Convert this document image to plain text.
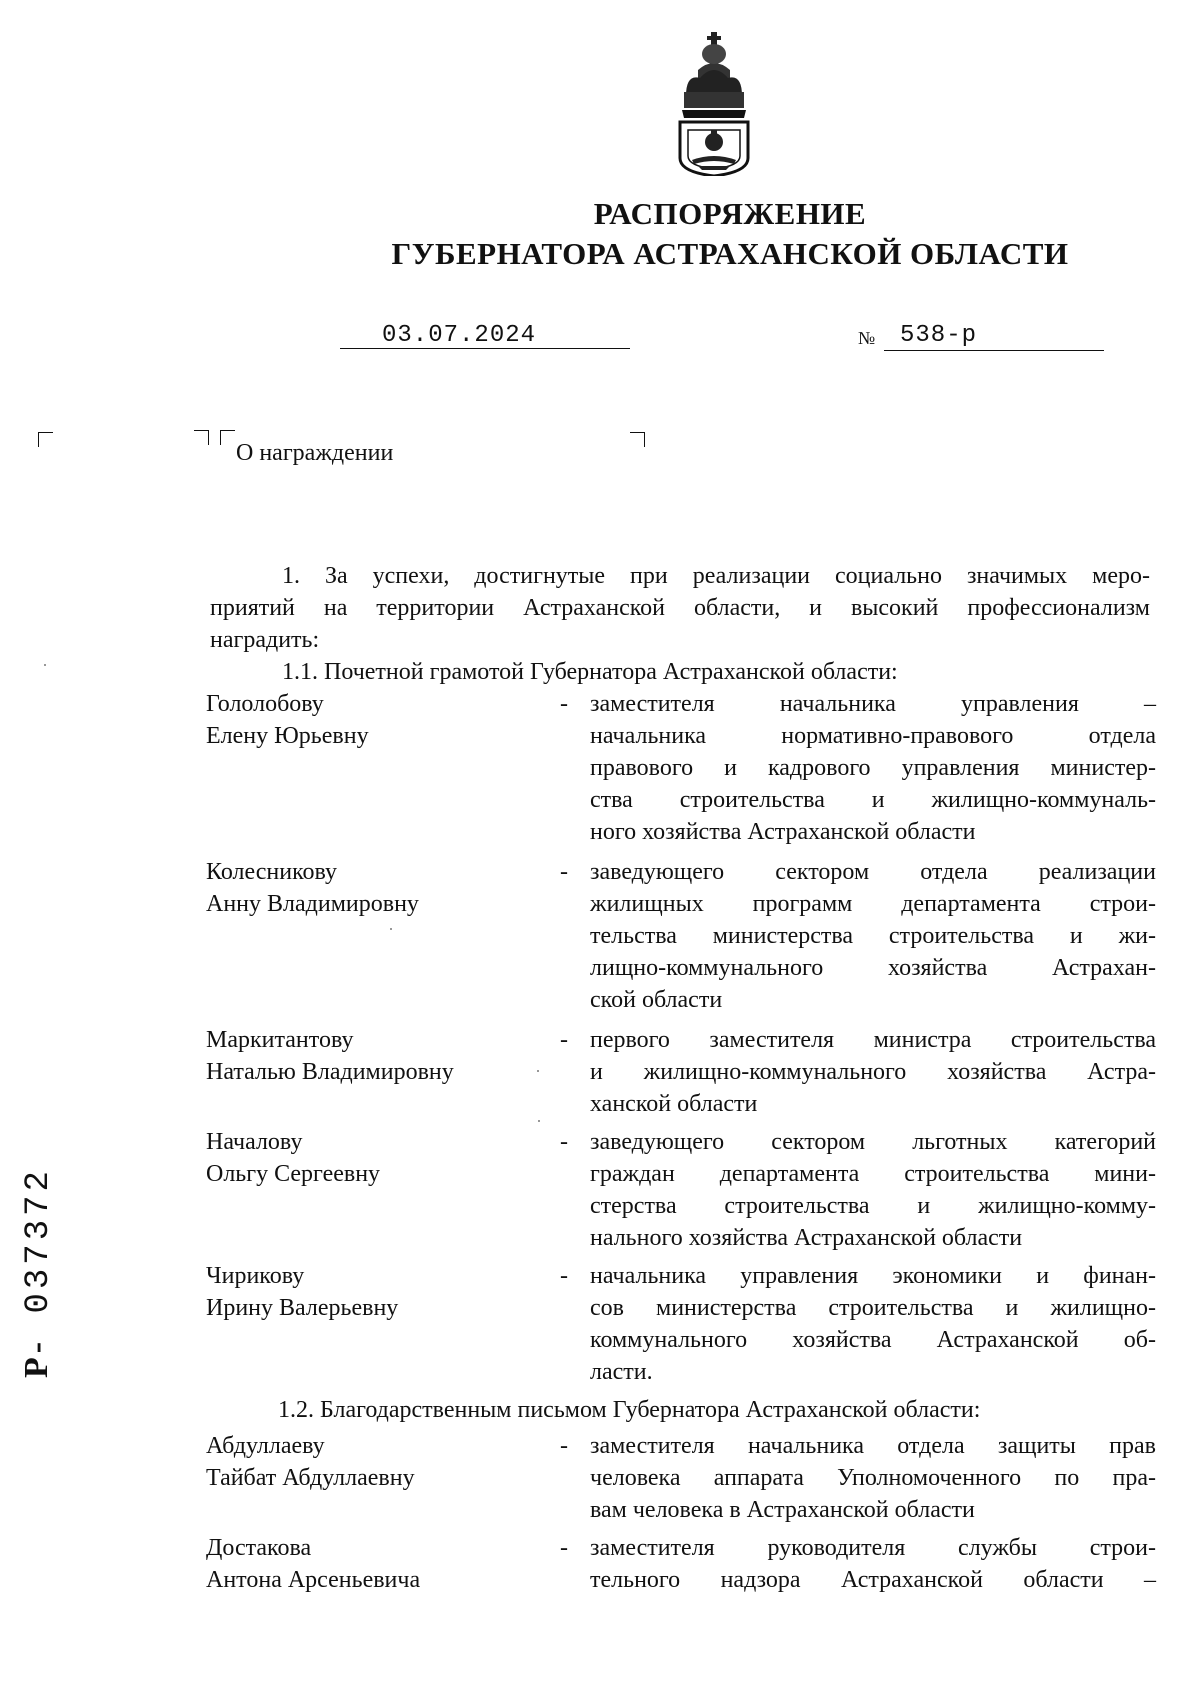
РАСПОРЯЖЕНИЕ
ГУБЕРНАТОРА АСТРАХАНСКОЙ ОБЛАСТИ
03.07.2024	№ 538-р
О награждении
1. За успехи, достигнутые при реализации социально значимых меро-
приятий на территории Астраханской области, и высокий профессионализм
наградить:
1.1. Почетной грамотой Губернатора Астраханской области:
Гололобову
Елену Юрьевну
- заместителя начальника управления –
начальника нормативно-правового отдела
правового и кадрового управления министер-
ства строительства и жилищно-коммуналь-
ного хозяйства Астраханской области
Колесникову
Анну Владимировну
- заведующего сектором отдела реализации
жилищных программ департамента строи-
тельства министерства строительства и жи-
лищно-коммунального хозяйства Астрахан-
ской области
Маркитантову
Наталью Владимировну
- первого заместителя министра строительства
и жилищно-коммунального хозяйства Астра-
ханской области
Началову
Ольгу Сергеевну
- заведующего сектором льготных категорий
граждан департамента строительства мини-
стерства строительства и жилищно-комму-
нального хозяйства Астраханской области
Чирикову
Ирину Валерьевну
- начальника управления экономики и финан-
сов министерства строительства и жилищно-
коммунального хозяйства Астраханской об-
ласти.
1.2. Благодарственным письмом Губернатора Астраханской области:
Абдуллаеву
Тайбат Абдуллаевну
- заместителя начальника отдела защиты прав
человека аппарата Уполномоченного по пра-
вам человека в Астраханской области
Достакова
Антона Арсеньевича
- заместителя руководителя службы строи-
тельного надзора Астраханской области –
Р- 037372
